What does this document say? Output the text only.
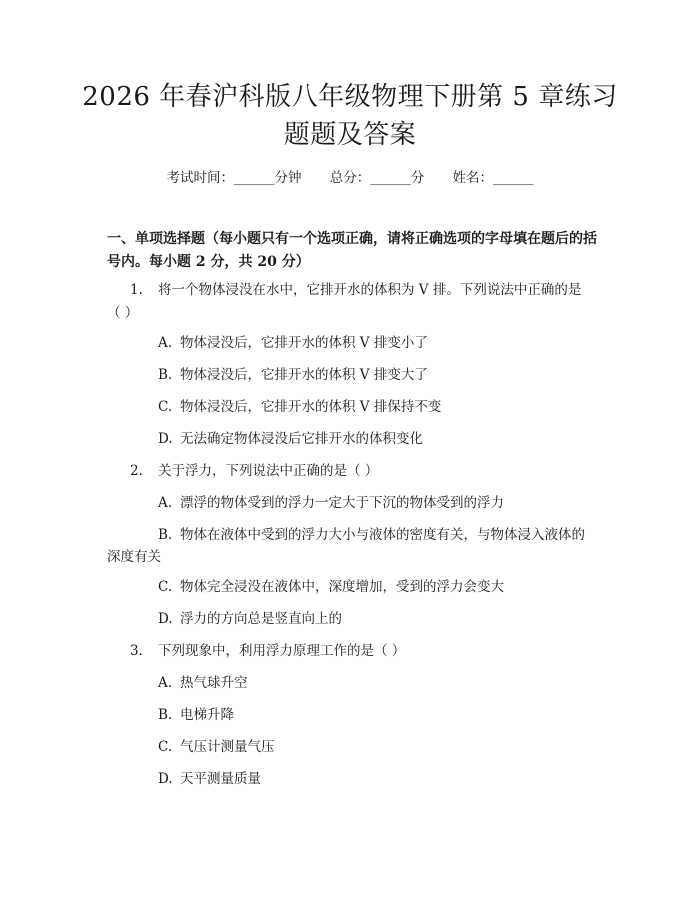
2026 年春沪科版八年级物理下册第 5 章练习
题题及答案
考试时间：______分钟 总分：______分 姓名：______
一、单项选择题（每小题只有一个选项正确，请将正确选项的字母填在题后的括号内。每小题 2 分，共 20 分）
1. 将一个物体浸没在水中，它排开水的体积为 V 排。下列说法中正确的是
（ ）
A. 物体浸没后，它排开水的体积 V 排变小了
B. 物体浸没后，它排开水的体积 V 排变大了
C. 物体浸没后，它排开水的体积 V 排保持不变
D. 无法确定物体浸没后它排开水的体积变化
2. 关于浮力，下列说法中正确的是（ ）
A. 漂浮的物体受到的浮力一定大于下沉的物体受到的浮力
B. 物体在液体中受到的浮力大小与液体的密度有关，与物体浸入液体的
深度有关
C. 物体完全浸没在液体中，深度增加，受到的浮力会变大
D. 浮力的方向总是竖直向上的
3. 下列现象中，利用浮力原理工作的是（ ）
A. 热气球升空
B. 电梯升降
C. 气压计测量气压
D. 天平测量质量
